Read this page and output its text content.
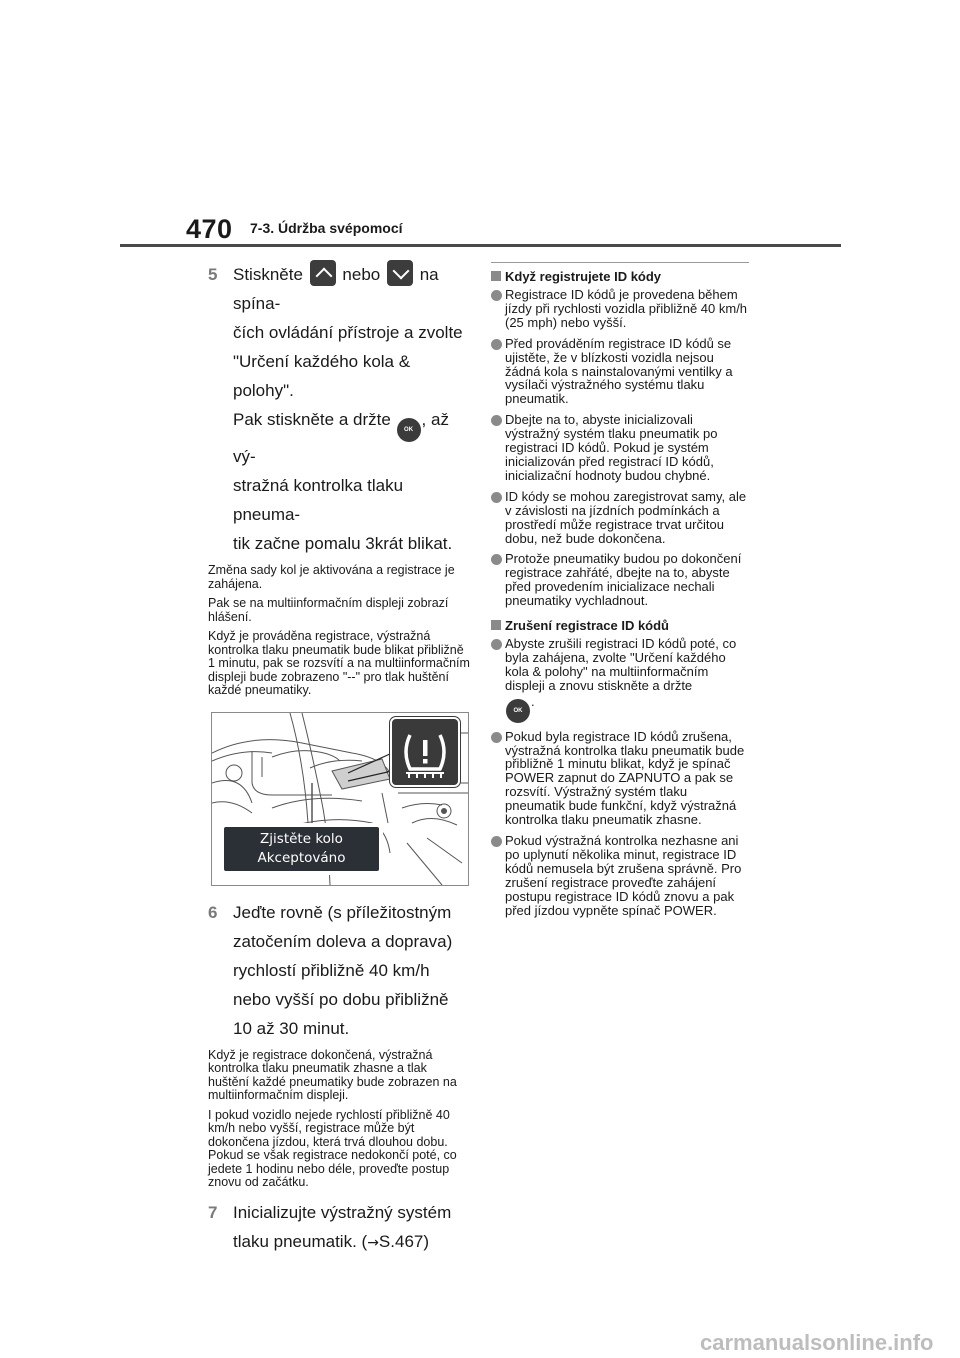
470 7-3. Údržba svépomocí
5 Stiskněte nebo na spína-
čích ovládání přístroje a zvolte
"Určení každého kola & polohy".
Pak stiskněte a držte OK, až vý-
stražná kontrolka tlaku pneuma-
tik začne pomalu 3krát blikat.

Změna sady kol je aktivována a registrace je zahájena.

Pak se na multiinformačním displeji zobrazí hlášení.

Když je prováděna registrace, výstražná kontrolka tlaku pneumatik bude blikat přibližně 1 minutu, pak se rozsvítí a na multiinformačním displeji bude zobrazeno "--" pro tlak huštění každé pneumatiky.

Zjistěte kolo
Akceptováno
6 Jeďte rovně (s příležitostným zatočením doleva a doprava) rychlostí přibližně 40 km/h nebo vyšší po dobu přibližně 10 až 30 minut.

Když je registrace dokončená, výstražná kontrolka tlaku pneumatik zhasne a tlak huštění každé pneumatiky bude zobrazen na multiinformačním displeji.

I pokud vozidlo nejede rychlostí přibližně 40 km/h nebo vyšší, registrace může být dokončena jízdou, která trvá dlouhou dobu. Pokud se však registrace nedokončí poté, co jedete 1 hodinu nebo déle, proveďte postup znovu od začátku.

7 Inicializujte výstražný systém tlaku pneumatik. (→S.467)

Když registrujete ID kódy

Registrace ID kódů je provedena během jízdy při rychlosti vozidla přibližně 40 km/h (25 mph) nebo vyšší.

Před prováděním registrace ID kódů se ujistěte, že v blízkosti vozidla nejsou žádná kola s nainstalovanými ventilky a vysílači výstražného systému tlaku pneumatik.

Dbejte na to, abyste inicializovali výstražný systém tlaku pneumatik po registraci ID kódů. Pokud je systém inicializován před registrací ID kódů, inicializační hodnoty budou chybné.

ID kódy se mohou zaregistrovat samy, ale v závislosti na jízdních podmínkách a prostředí může registrace trvat určitou dobu, než bude dokončena.

Protože pneumatiky budou po dokončení registrace zahřáté, dbejte na to, abyste před provedením inicializace nechali pneumatiky vychladnout.

Zrušení registrace ID kódů

Abyste zrušili registraci ID kódů poté, co byla zahájena, zvolte "Určení každého kola & polohy" na multiinformačním displeji a znovu stiskněte a držte
OK.

Pokud byla registrace ID kódů zrušena, výstražná kontrolka tlaku pneumatik bude přibližně 1 minutu blikat, když je spínač POWER zapnut do ZAPNUTO a pak se rozsvítí. Výstražný systém tlaku pneumatik bude funkční, když výstražná kontrolka tlaku pneumatik zhasne.

Pokud výstražná kontrolka nezhasne ani po uplynutí několika minut, registrace ID kódů nemusela být zrušena správně. Pro zrušení registrace proveďte zahájení postupu registrace ID kódů znovu a pak před jízdou vypněte spínač POWER.

carmanualsonline.info
